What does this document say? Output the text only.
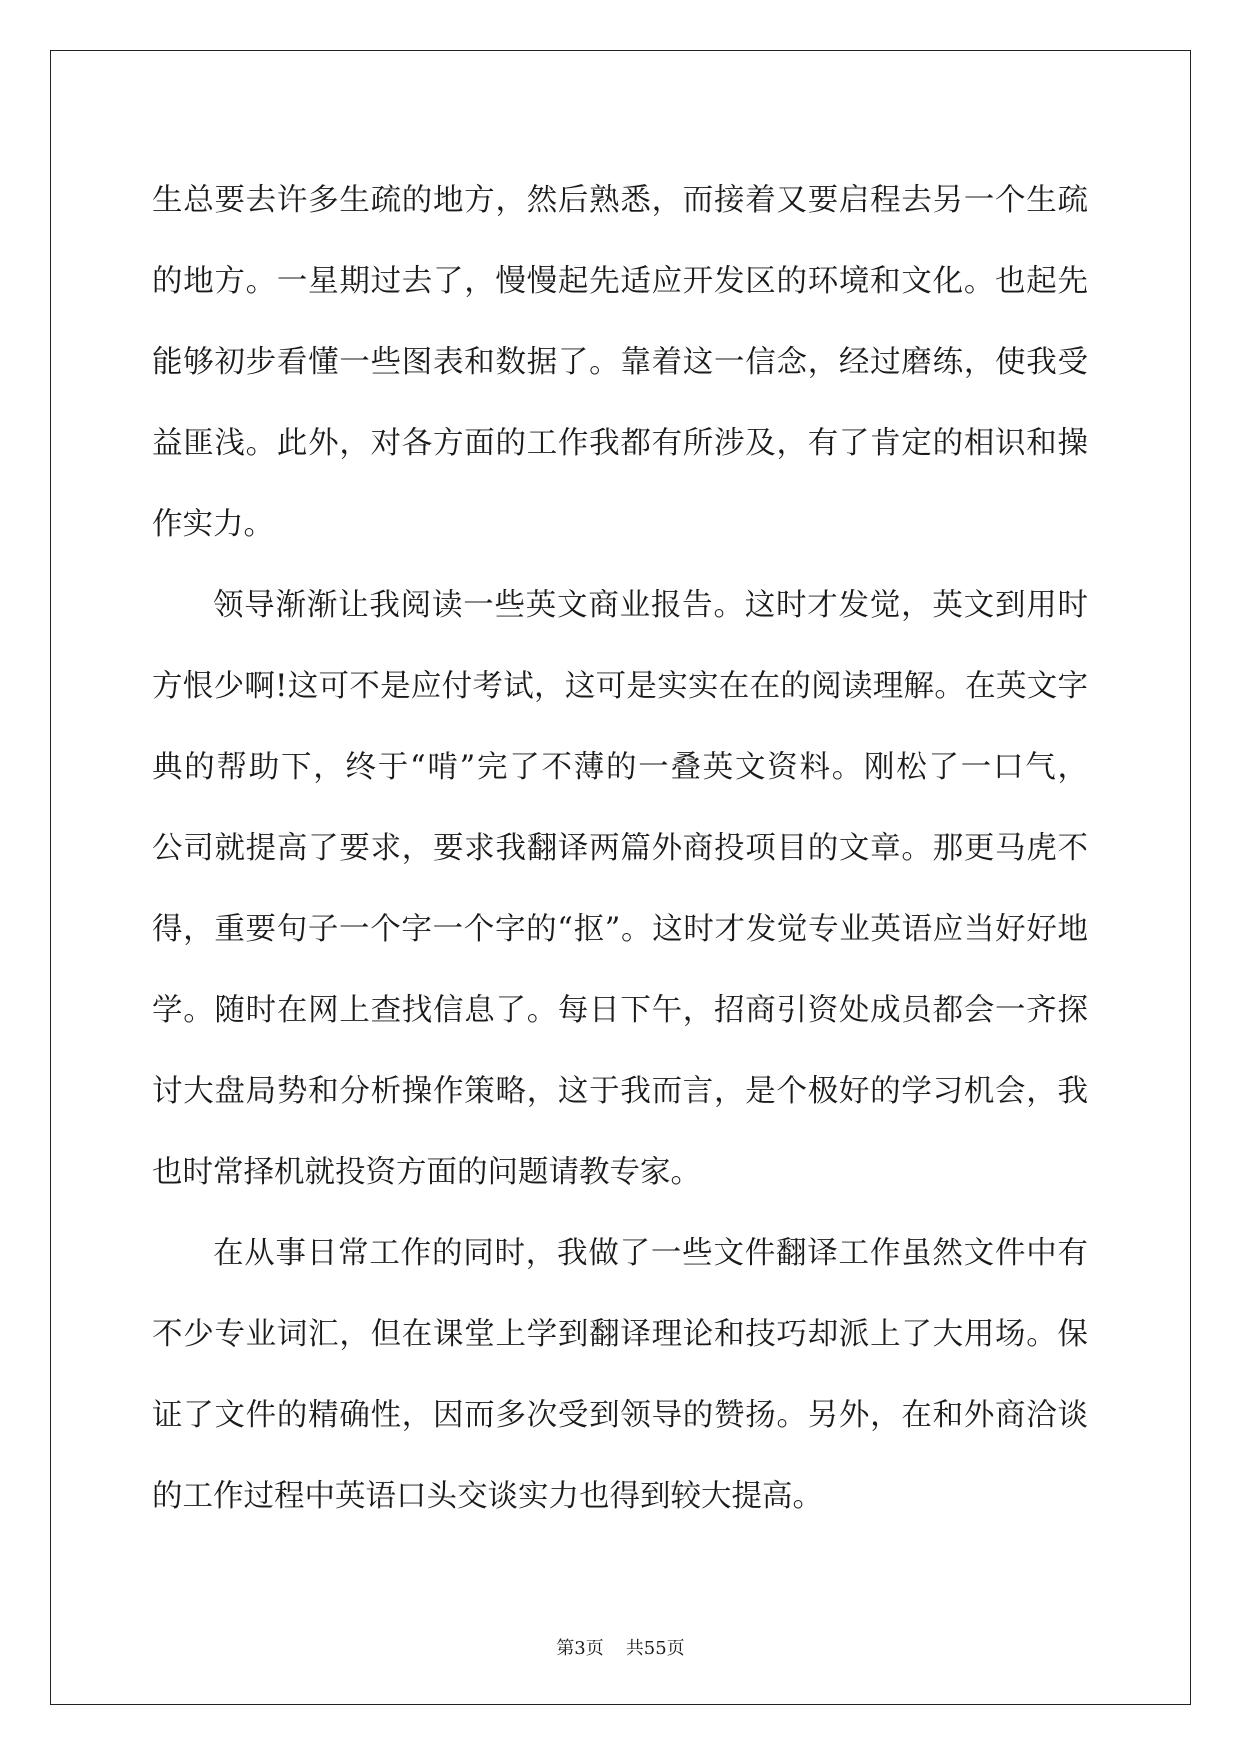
生总要去许多生疏的地方，然后熟悉，而接着又要启程去另一个生疏
的地方。一星期过去了，慢慢起先适应开发区的环境和文化。也起先
能够初步看懂一些图表和数据了。靠着这一信念，经过磨练，使我受
益匪浅。此外，对各方面的工作我都有所涉及，有了肯定的相识和操
作实力。
领导渐渐让我阅读一些英文商业报告。这时才发觉，英文到用时
方恨少啊!这可不是应付考试，这可是实实在在的阅读理解。在英文字
典的帮助下，终于“啃”完了不薄的一叠英文资料。刚松了一口气，
公司就提高了要求，要求我翻译两篇外商投项目的文章。那更马虎不
得，重要句子一个字一个字的“抠”。这时才发觉专业英语应当好好地
学。随时在网上查找信息了。每日下午，招商引资处成员都会一齐探
讨大盘局势和分析操作策略，这于我而言，是个极好的学习机会，我
也时常择机就投资方面的问题请教专家。
在从事日常工作的同时，我做了一些文件翻译工作虽然文件中有
不少专业词汇，但在课堂上学到翻译理论和技巧却派上了大用场。保
证了文件的精确性，因而多次受到领导的赞扬。另外，在和外商洽谈
的工作过程中英语口头交谈实力也得到较大提高。
第3页 共55页
